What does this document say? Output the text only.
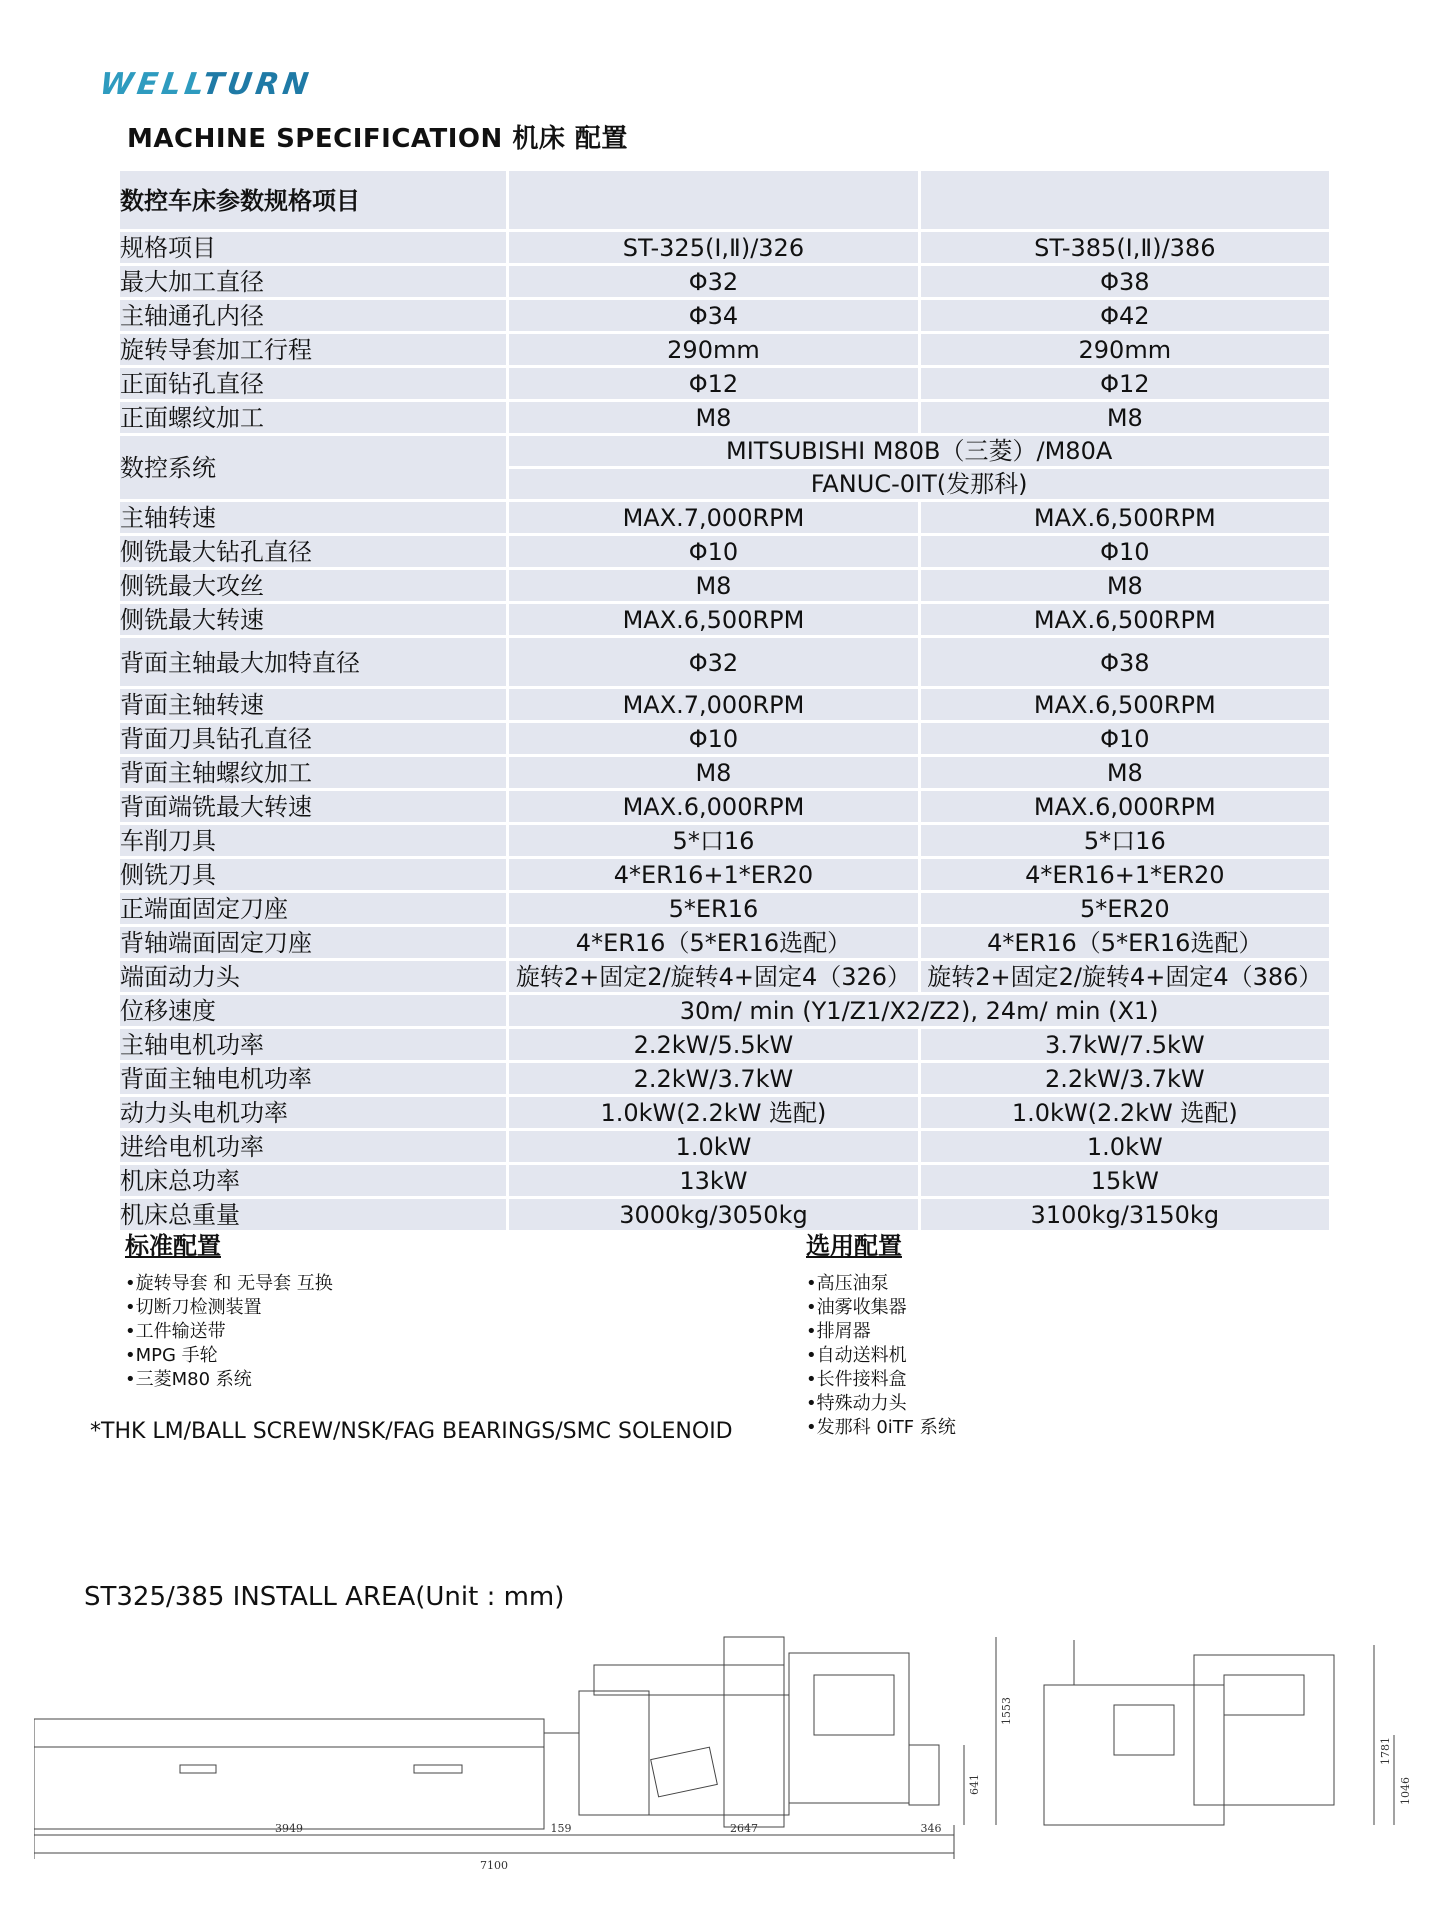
WELLTURN
MACHINE SPECIFICATION 机床 配置
数控车床参数规格项目		
规格项目	ST-325(Ⅰ,Ⅱ)/326	ST-385(Ⅰ,Ⅱ)/386
最大加工直径	Φ32	Φ38
主轴通孔内径	Φ34	Φ42
旋转导套加工行程	290mm	290mm
正面钻孔直径	Φ12	Φ12
正面螺纹加工	M8	M8
数控系统	MITSUBISHI M80B（三菱）/M80A	
	FANUC-0IT(发那科)	
主轴转速	MAX.7,000RPM	MAX.6,500RPM
侧铣最大钻孔直径	Φ10	Φ10
侧铣最大攻丝	M8	M8
侧铣最大转速	MAX.6,500RPM	MAX.6,500RPM
背面主轴最大加特直径	Φ32	Φ38
背面主轴转速	MAX.7,000RPM	MAX.6,500RPM
背面刀具钻孔直径	Φ10	Φ10
背面主轴螺纹加工	M8	M8
背面端铣最大转速	MAX.6,000RPM	MAX.6,000RPM
车削刀具	5*口16	5*口16
侧铣刀具	4*ER16+1*ER20	4*ER16+1*ER20
正端面固定刀座	5*ER16	5*ER20
背轴端面固定刀座	4*ER16（5*ER16选配）	4*ER16（5*ER16选配）
端面动力头	旋转2+固定2/旋转4+固定4（326）	旋转2+固定2/旋转4+固定4（386）
位移速度	30m/ min (Y1/Z1/X2/Z2), 24m/ min (X1)	
主轴电机功率	2.2kW/5.5kW	3.7kW/7.5kW
背面主轴电机功率	2.2kW/3.7kW	2.2kW/3.7kW
动力头电机功率	1.0kW(2.2kW 选配)	1.0kW(2.2kW 选配)
进给电机功率	1.0kW	1.0kW
机床总功率	13kW	15kW
机床总重量	3000kg/3050kg	3100kg/3150kg
标准配置
• 旋转导套 和 无导套 互换
• 切断刀检测装置
• 工件输送带
• MPG 手轮
• 三菱M80 系统
选用配置
• 高压油泵
• 油雾收集器
• 排屑器
• 自动送料机
• 长件接料盒
• 特殊动力头
• 发那科 0iTF 系统
*THK LM/BALL SCREW/NSK/FAG BEARINGS/SMC SOLENOID
ST325/385 INSTALL AREA(Unit : mm)
3949	159	2647	346
7100
1553
641
1781
1046
